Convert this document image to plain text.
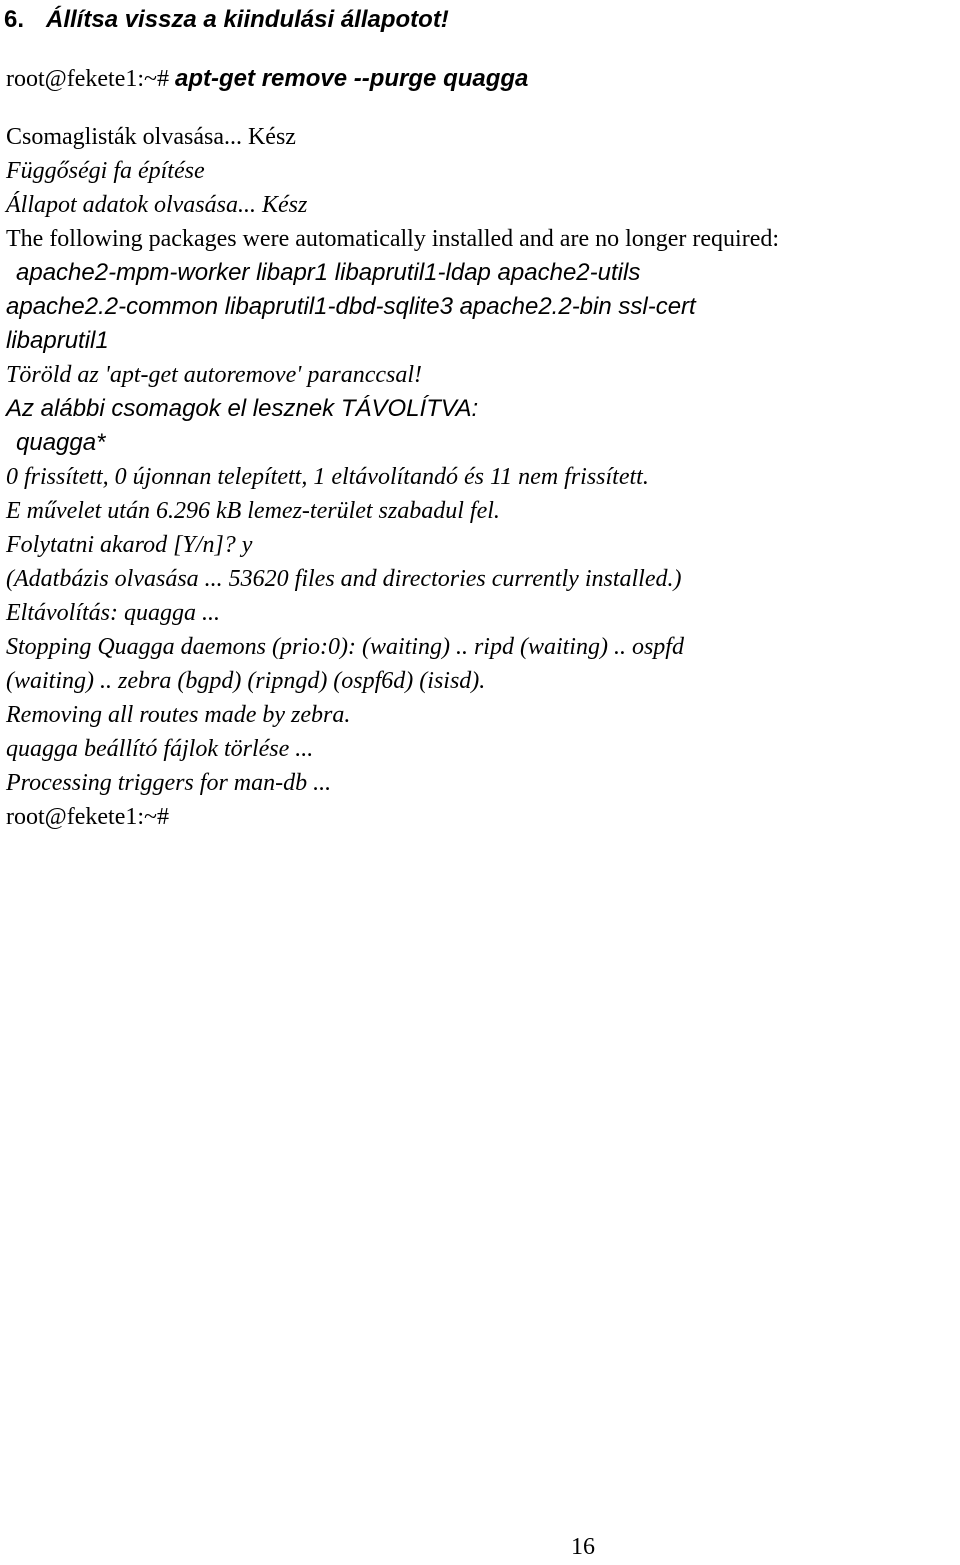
6. Állítsa vissza a kiindulási állapotot!
root@fekete1:~# apt-get remove --purge quagga
Csomaglisták olvasása... Kész
Függőségi fa építése
Állapot adatok olvasása... Kész
The following packages were automatically installed and are no longer required:
apache2-mpm-worker libapr1 libaprutil1-ldap apache2-utils
apache2.2-common libaprutil1-dbd-sqlite3 apache2.2-bin ssl-cert
libaprutil1
Töröld az 'apt-get autoremove' paranccsal!
Az alábbi csomagok el lesznek TÁVOLÍTVA:
quagga*
0 frissített, 0 újonnan telepített, 1 eltávolítandó és 11 nem frissített.
E művelet után 6.296 kB lemez-terület szabadul fel.
Folytatni akarod [Y/n]? y
(Adatbázis olvasása ... 53620 files and directories currently installed.)
Eltávolítás: quagga ...
Stopping Quagga daemons (prio:0): (waiting) .. ripd (waiting) .. ospfd
(waiting) .. zebra (bgpd) (ripngd) (ospf6d) (isisd).
Removing all routes made by zebra.
quagga beállító fájlok törlése ...
Processing triggers for man-db ...
root@fekete1:~#
16
